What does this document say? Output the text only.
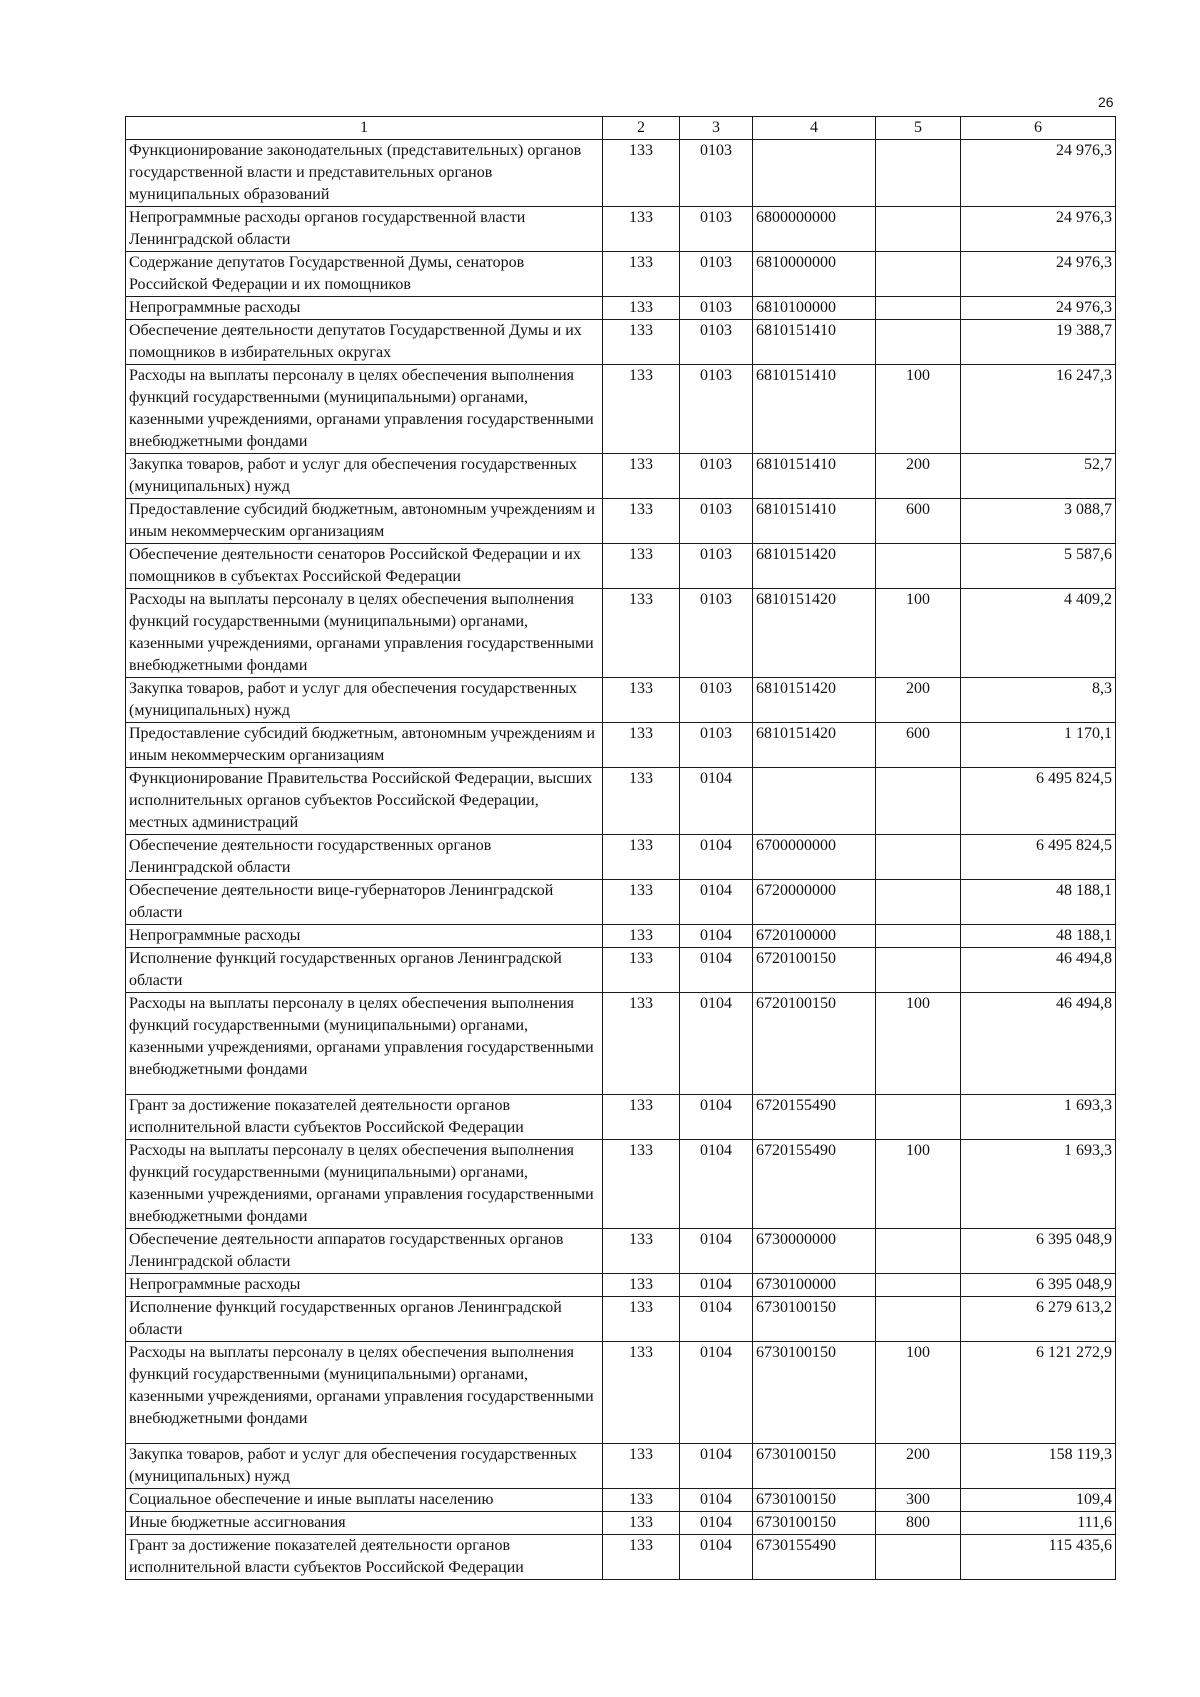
26
1	2	3	4	5	6
Функционирование законодательных (представительных) органов государственной власти и представительных органов муниципальных образований	133	0103			24 976,3
Непрограммные расходы органов государственной власти Ленинградской области	133	0103	6800000000		24 976,3
Содержание депутатов Государственной Думы, сенаторов Российской Федерации и их помощников	133	0103	6810000000		24 976,3
Непрограммные расходы	133	0103	6810100000		24 976,3
Обеспечение деятельности депутатов Государственной Думы и их помощников в избирательных округах	133	0103	6810151410		19 388,7
Расходы на выплаты персоналу в целях обеспечения выполнения функций государственными (муниципальными) органами, казенными учреждениями, органами управления государственными внебюджетными фондами	133	0103	6810151410	100	16 247,3
Закупка товаров, работ и услуг для обеспечения государственных (муниципальных) нужд	133	0103	6810151410	200	52,7
Предоставление субсидий бюджетным, автономным учреждениям и иным некоммерческим организациям	133	0103	6810151410	600	3 088,7
Обеспечение деятельности сенаторов Российской Федерации и их помощников в субъектах Российской Федерации	133	0103	6810151420		5 587,6
Расходы на выплаты персоналу в целях обеспечения выполнения функций государственными (муниципальными) органами, казенными учреждениями, органами управления государственными внебюджетными фондами	133	0103	6810151420	100	4 409,2
Закупка товаров, работ и услуг для обеспечения государственных (муниципальных) нужд	133	0103	6810151420	200	8,3
Предоставление субсидий бюджетным, автономным учреждениям и иным некоммерческим организациям	133	0103	6810151420	600	1 170,1
Функционирование Правительства Российской Федерации, высших исполнительных органов субъектов Российской Федерации, местных администраций	133	0104			6 495 824,5
Обеспечение деятельности государственных органов Ленинградской области	133	0104	6700000000		6 495 824,5
Обеспечение деятельности вице-губернаторов Ленинградской области	133	0104	6720000000		48 188,1
Непрограммные расходы	133	0104	6720100000		48 188,1
Исполнение функций государственных органов Ленинградской области	133	0104	6720100150		46 494,8
Расходы на выплаты персоналу в целях обеспечения выполнения функций государственными (муниципальными) органами, казенными учреждениями, органами управления государственными внебюджетными фондами	133	0104	6720100150	100	46 494,8
Грант за достижение показателей деятельности органов исполнительной власти субъектов Российской Федерации	133	0104	6720155490		1 693,3
Расходы на выплаты персоналу в целях обеспечения выполнения функций государственными (муниципальными) органами, казенными учреждениями, органами управления государственными внебюджетными фондами	133	0104	6720155490	100	1 693,3
Обеспечение деятельности аппаратов государственных органов Ленинградской области	133	0104	6730000000		6 395 048,9
Непрограммные расходы	133	0104	6730100000		6 395 048,9
Исполнение функций государственных органов Ленинградской области	133	0104	6730100150		6 279 613,2
Расходы на выплаты персоналу в целях обеспечения выполнения функций государственными (муниципальными) органами, казенными учреждениями, органами управления государственными внебюджетными фондами	133	0104	6730100150	100	6 121 272,9
Закупка товаров, работ и услуг для обеспечения государственных (муниципальных) нужд	133	0104	6730100150	200	158 119,3
Социальное обеспечение и иные выплаты населению	133	0104	6730100150	300	109,4
Иные бюджетные ассигнования	133	0104	6730100150	800	111,6
Грант за достижение показателей деятельности органов исполнительной власти субъектов Российской Федерации	133	0104	6730155490		115 435,6
